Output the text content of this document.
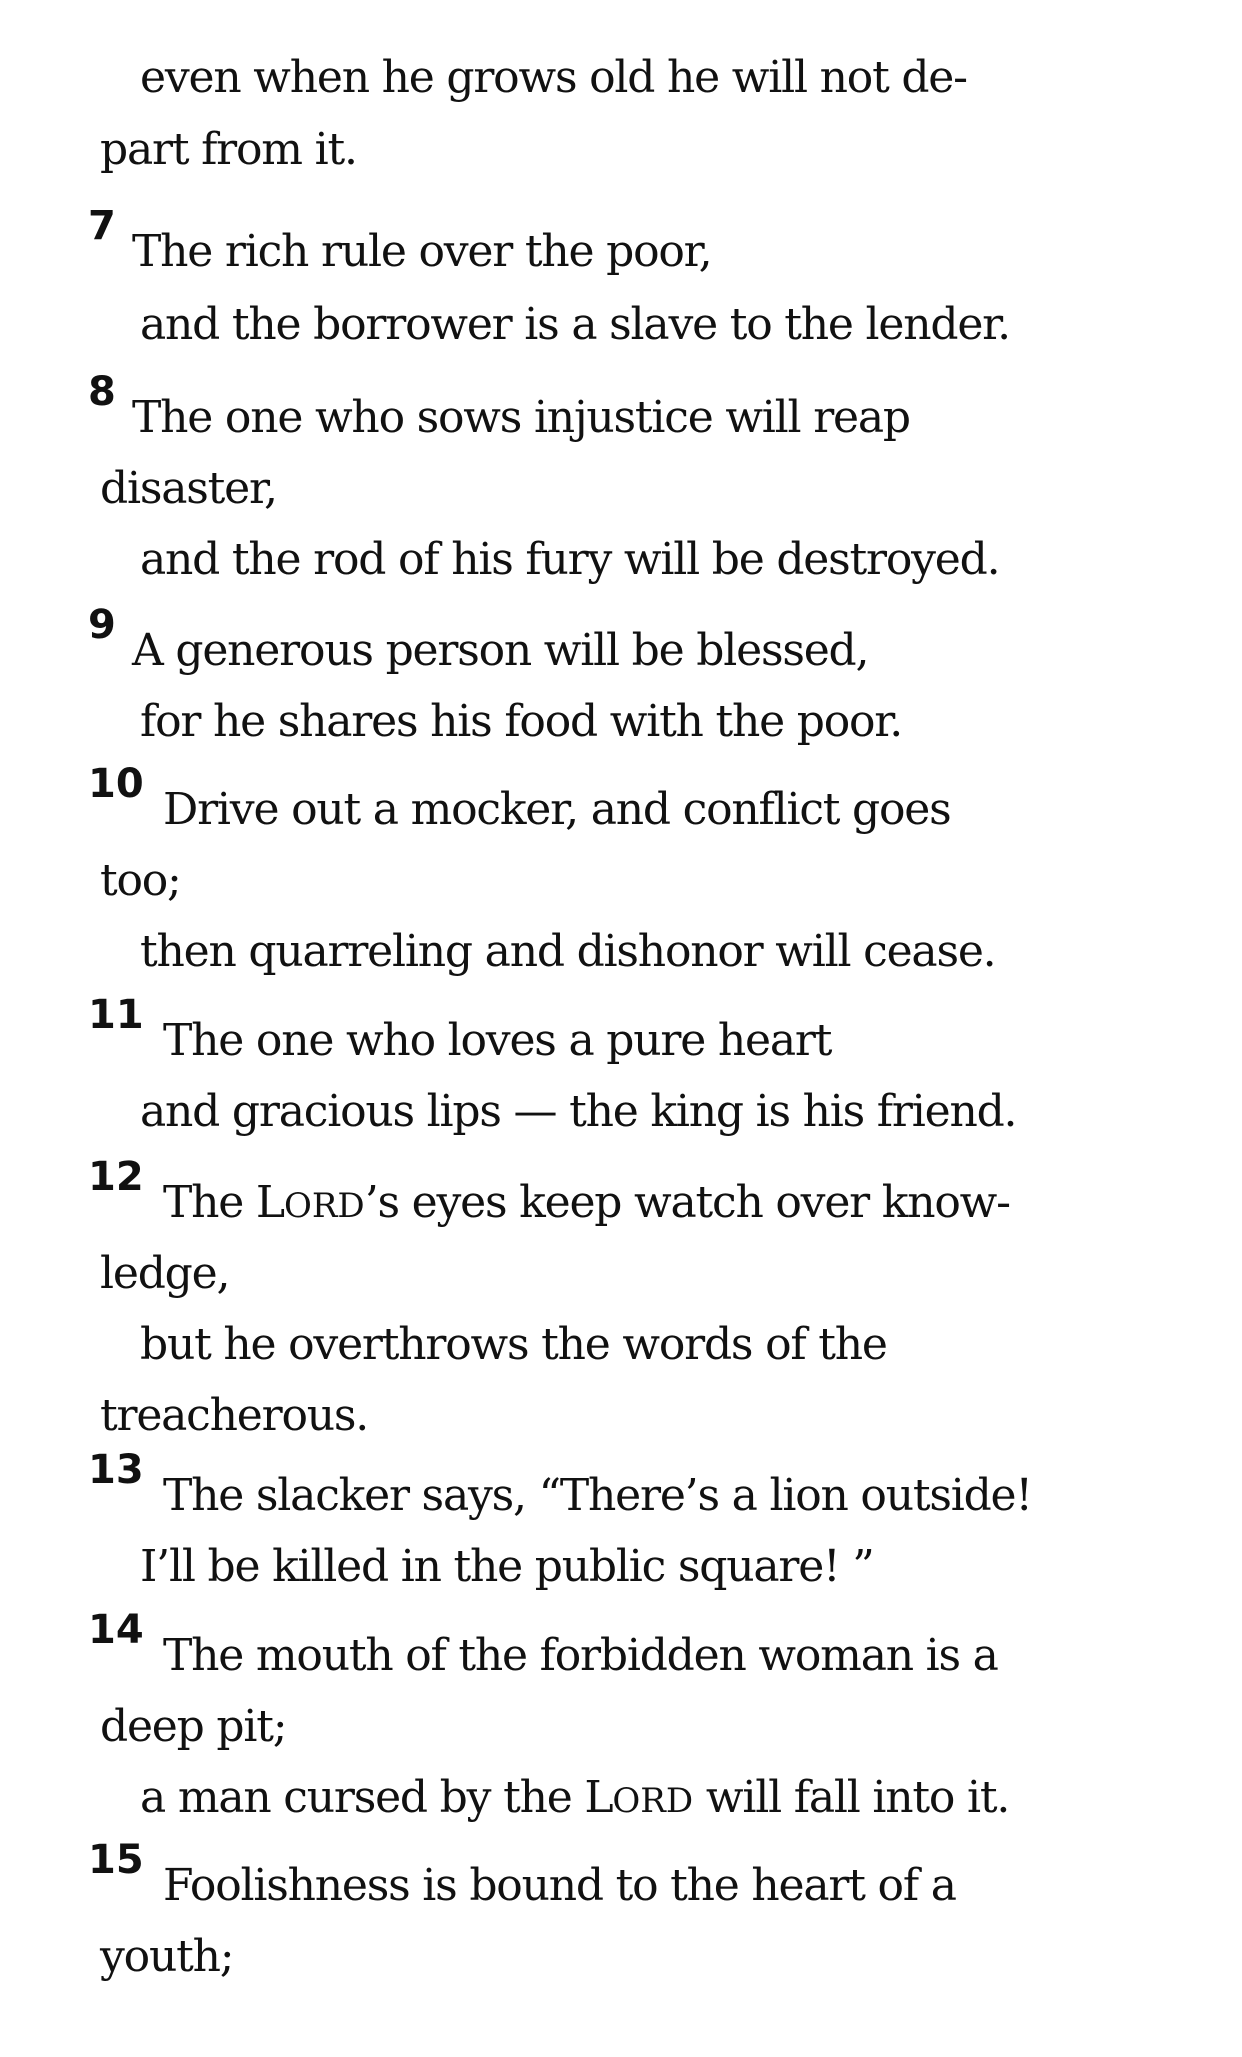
even when he grows old he will not de-
part from it.
7 The rich rule over the poor,
and the borrower is a slave to the lender.
8 The one who sows injustice will reap
disaster,
and the rod of his fury will be destroyed.
9 A generous person will be blessed,
for he shares his food with the poor.
10 Drive out a mocker, and conflict goes
too;
then quarreling and dishonor will cease.
11 The one who loves a pure heart
and gracious lips — the king is his friend.
12 The LORD’s eyes keep watch over know-
ledge,
but he overthrows the words of the
treacherous.
13 The slacker says, “There’s a lion outside!
I’ll be killed in the public square! ”
14 The mouth of the forbidden woman is a
deep pit;
a man cursed by the LORD will fall into it.
15 Foolishness is bound to the heart of a
youth;
